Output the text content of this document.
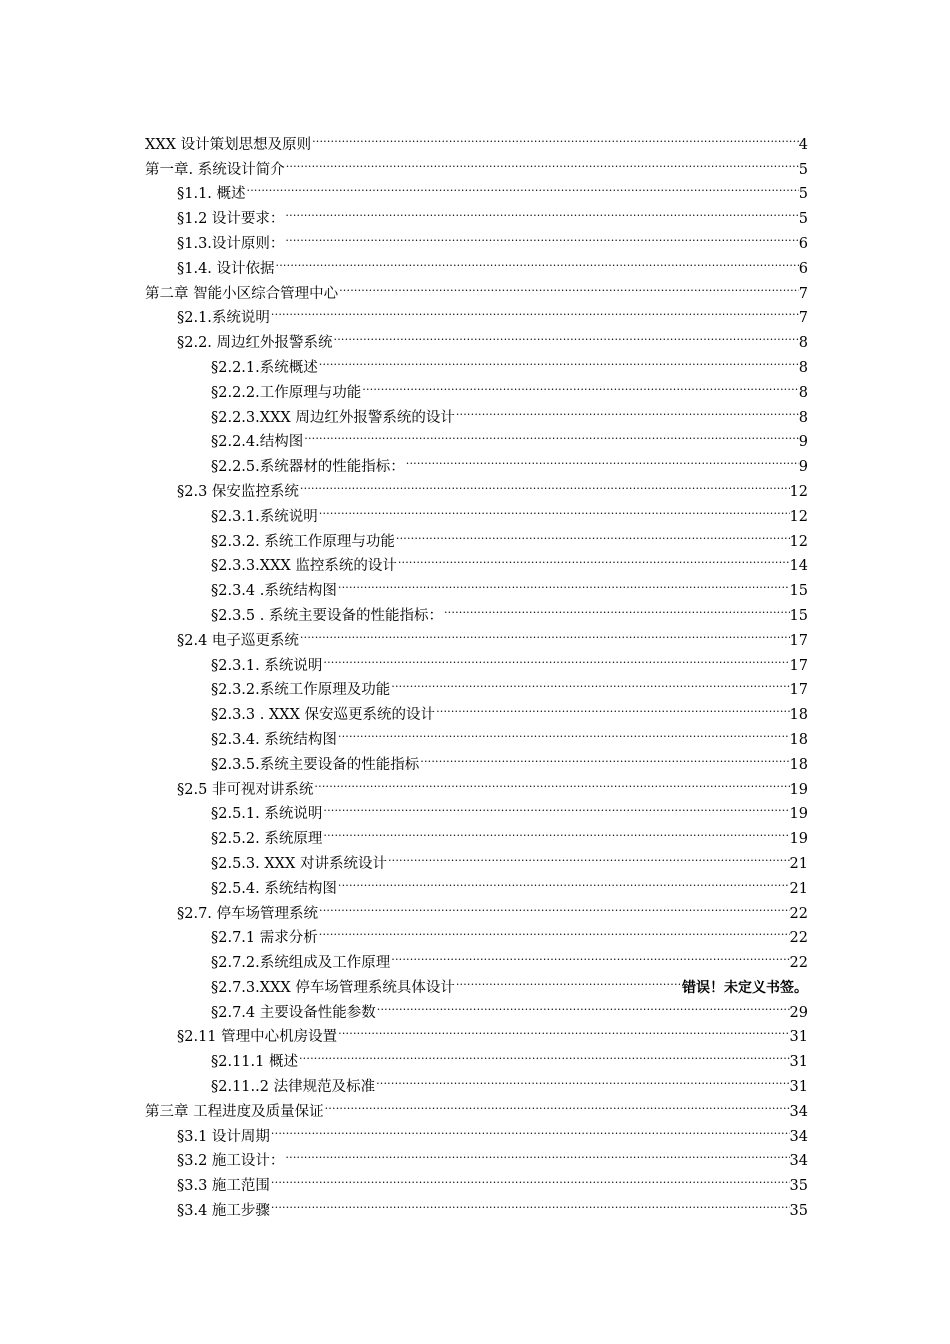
XXX 设计策划思想及原则 .....	4
第一章. 系统设计简介 .....	5
§1.1. 概述 .....	5
§1.2 设计要求： .....	5
§1.3.设计原则： .....	6
§1.4. 设计依据 .....	6
第二章 智能小区综合管理中心 .....	7
§2.1.系统说明 .....	7
§2.2. 周边红外报警系统 .....	8
§2.2.1.系统概述 .....	8
§2.2.2.工作原理与功能 .....	8
§2.2.3.XXX 周边红外报警系统的设计 .....	8
§2.2.4.结构图 .....	9
§2.2.5.系统器材的性能指标： .....	9
§2.3 保安监控系统 .....	12
§2.3.1.系统说明 .....	12
§2.3.2. 系统工作原理与功能 .....	12
§2.3.3.XXX 监控系统的设计 .....	14
§2.3.4 .系统结构图 .....	15
§2.3.5 . 系统主要设备的性能指标： .....	15
§2.4 电子巡更系统 .....	17
§2.3.1. 系统说明 .....	17
§2.3.2.系统工作原理及功能 .....	17
§2.3.3 . XXX 保安巡更系统的设计 .....	18
§2.3.4. 系统结构图 .....	18
§2.3.5.系统主要设备的性能指标 .....	18
§2.5 非可视对讲系统 .....	19
§2.5.1. 系统说明 .....	19
§2.5.2. 系统原理 .....	19
§2.5.3. XXX 对讲系统设计 .....	21
§2.5.4. 系统结构图 .....	21
§2.7. 停车场管理系统 .....	22
§2.7.1 需求分析 .....	22
§2.7.2.系统组成及工作原理 .....	22
§2.7.3.XXX 停车场管理系统具体设计 .....	错误！未定义书签。
§2.7.4 主要设备性能参数 .....	29
§2.11 管理中心机房设置 .....	31
§2.11.1 概述 .....	31
§2.11..2 法律规范及标准 .....	31
第三章 工程进度及质量保证 .....	34
§3.1 设计周期 .....	34
§3.2 施工设计： .....	34
§3.3 施工范围 .....	35
§3.4 施工步骤 .....	35
